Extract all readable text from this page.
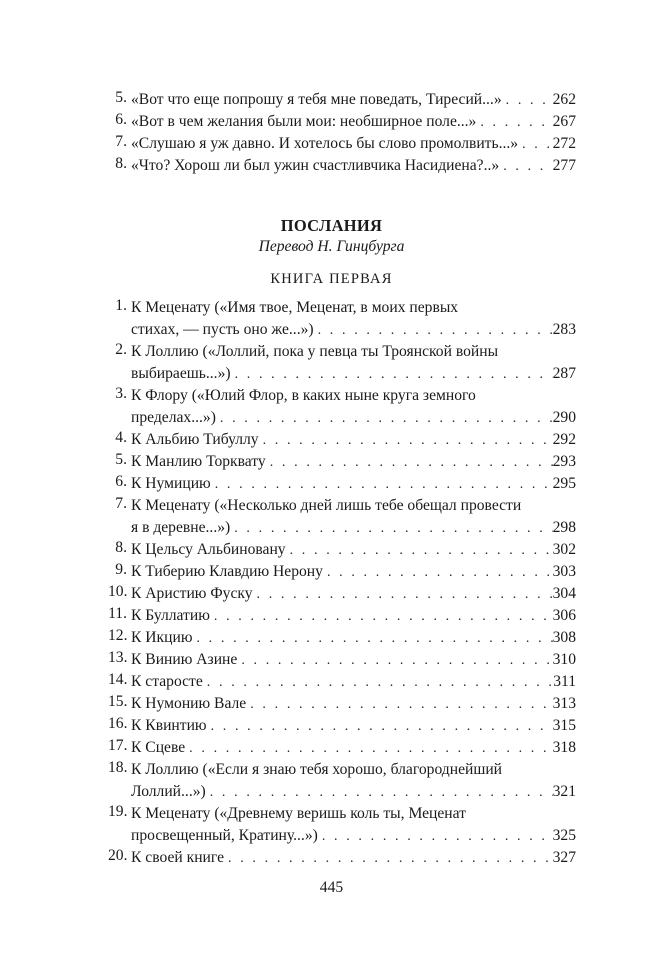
5. «Вот что еще попрошу я тебя мне поведать, Тиресий...» . . .	262
6. «Вот в чем желания были мои: необширное поле...» . . .	267
7. «Слушаю я уж давно. И хотелось бы слово промолвить...» . . . 272
8. «Что? Хорош ли был ужин счастливчика Насидиена?..» . . .	277
ПОСЛАНИЯ
Перевод Н. Гинцбурга
КНИГА ПЕРВАЯ
1. К Меценату («Имя твое, Меценат, в моих первых
стихах, — пусть оно же...») . . .	283
2. К Лоллию («Лоллий, пока у певца ты Троянской войны
выбираешь...») . . .	287
3. К Флору («Юлий Флор, в каких ныне круга земного
пределах...») . . .	290
4. К Альбию Тибуллу . . .	292
5. К Манлию Торквату . . .	293
6. К Нумицию . . .	295
7. К Меценату («Несколько дней лишь тебе обещал провести
я в деревне...») . . .	298
8. К Цельсу Альбиновану . . .	302
9. К Тиберию Клавдию Нерону . . .	303
10. К Аристию Фуску . . .	304
11. К Буллатию . . .	306
12. К Икцию . . .	308
13. К Винию Азине . . .	310
14. К старосте . . .	311
15. К Нумонию Вале . . .	313
16. К Квинтию . . .	315
17. К Сцеве . . .	318
18. К Лоллию («Если я знаю тебя хорошо, благороднейший
Лоллий...») . . .	321
19. К Меценату («Древнему веришь коль ты, Меценат
просвещенный, Кратину...») . . .	325
20. К своей книге . . .	327
445
